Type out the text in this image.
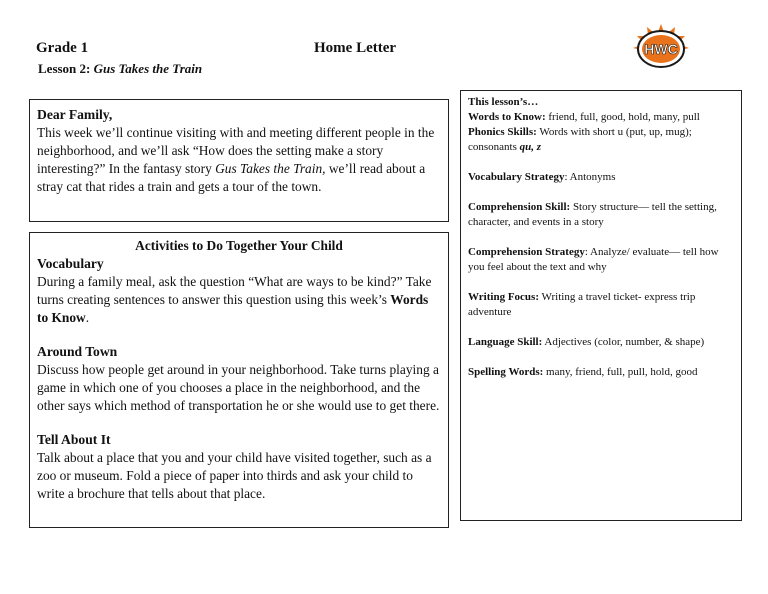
Grade 1
Lesson 2: Gus Takes the Train
Home Letter	HWC
Dear Family,
This week we’ll continue visiting with and meeting different people in the neighborhood, and we’ll ask “How does the setting make a story interesting?” In the fantasy story Gus Takes the Train, we’ll read about a stray cat that rides a train and gets a tour of the town.
Activities to Do Together Your Child
Vocabulary
During a family meal, ask the question “What are ways to be kind?” Take turns creating sentences to answer this question using this week’s Words to Know.
Around Town
Discuss how people get around in your neighborhood. Take turns playing a game in which one of you chooses a place in the neighborhood, and the other says which method of transportation he or she would use to get there.
Tell About It
Talk about a place that you and your child have visited together, such as a zoo or museum. Fold a piece of paper into thirds and ask your child to write a brochure that tells about that place.
This lesson’s…
Words to Know: friend, full, good, hold, many, pull
Phonics Skills: Words with short u (put, up, mug); consonants qu, z
Vocabulary Strategy: Antonyms
Comprehension Skill: Story structure— tell the setting, character, and events in a story
Comprehension Strategy: Analyze/ evaluate— tell how you feel about the text and why
Writing Focus: Writing a travel ticket- express trip adventure
Language Skill: Adjectives (color, number, & shape)
Spelling Words: many, friend, full, pull, hold, good
